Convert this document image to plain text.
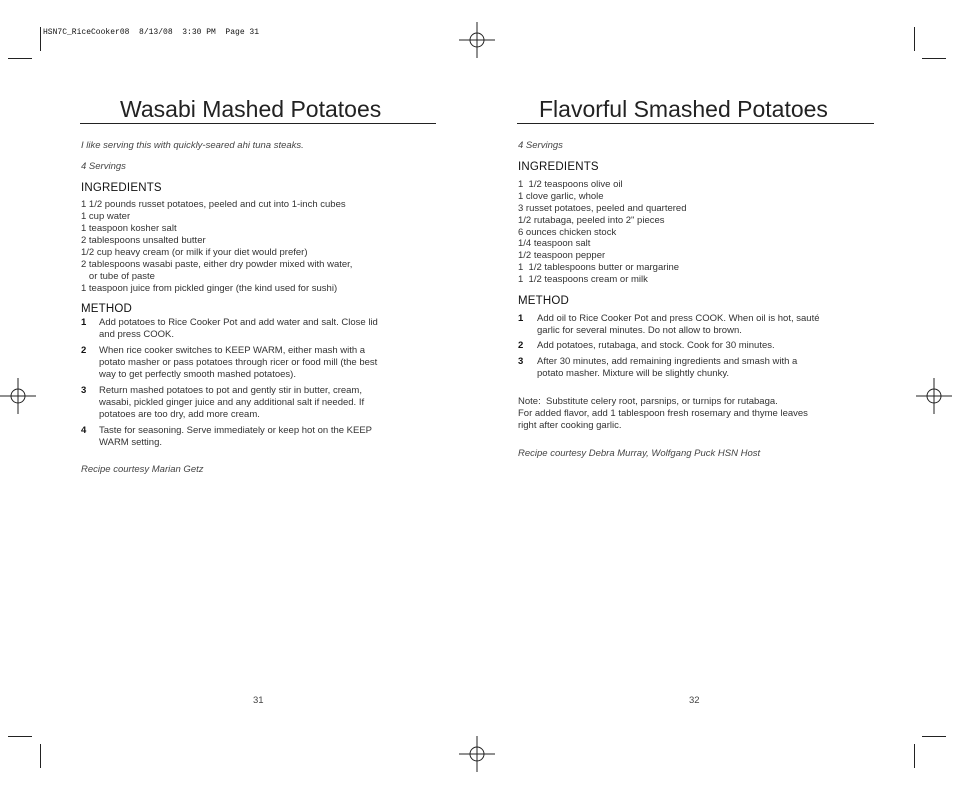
HSN7C_RiceCooker08  8/13/08  3:30 PM  Page 31
Wasabi Mashed Potatoes
I like serving this with quickly-seared ahi tuna steaks.
4 Servings
INGREDIENTS
1 1/2 pounds russet potatoes, peeled and cut into 1-inch cubes
1 cup water
1 teaspoon kosher salt
2 tablespoons unsalted butter
1/2 cup heavy cream (or milk if your diet would prefer)
2 tablespoons wasabi paste, either dry powder mixed with water,
or tube of paste
1 teaspoon juice from pickled ginger (the kind used for sushi)
METHOD
1 Add potatoes to Rice Cooker Pot and add water and salt. Close lid
and press COOK.
2 When rice cooker switches to KEEP WARM, either mash with a
potato masher or pass potatoes through ricer or food mill (the best
way to get perfectly smooth mashed potatoes).
3 Return mashed potatoes to pot and gently stir in butter, cream,
wasabi, pickled ginger juice and any additional salt if needed. If
potatoes are too dry, add more cream.
4 Taste for seasoning. Serve immediately or keep hot on the KEEP
WARM setting.
Recipe courtesy Marian Getz
31
Flavorful Smashed Potatoes
4 Servings
INGREDIENTS
1  1/2 teaspoons olive oil
1 clove garlic, whole
3 russet potatoes, peeled and quartered
1/2 rutabaga, peeled into 2" pieces
6 ounces chicken stock
1/4 teaspoon salt
1/2 teaspoon pepper
1  1/2 tablespoons butter or margarine
1  1/2 teaspoons cream or milk
METHOD
1 Add oil to Rice Cooker Pot and press COOK. When oil is hot, sauté
garlic for several minutes. Do not allow to brown.
2 Add potatoes, rutabaga, and stock. Cook for 30 minutes.
3 After 30 minutes, add remaining ingredients and smash with a
potato masher. Mixture will be slightly chunky.
Note:  Substitute celery root, parsnips, or turnips for rutabaga.
For added flavor, add 1 tablespoon fresh rosemary and thyme leaves
right after cooking garlic.
Recipe courtesy Debra Murray, Wolfgang Puck HSN Host
32
